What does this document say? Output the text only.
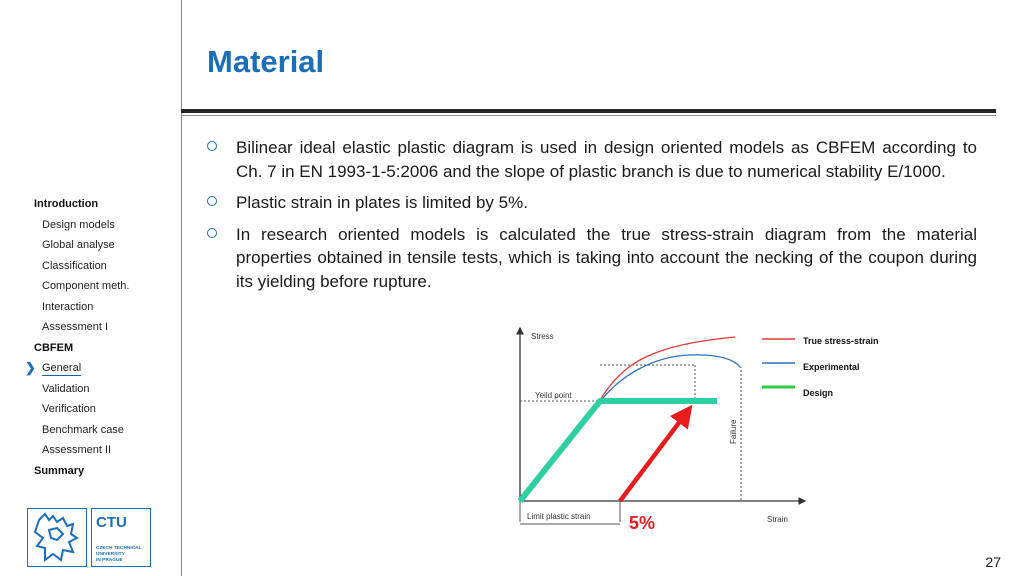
Introduction
Design models
Global analyse
Classification
Component meth.
Interaction
Assessment I
CBFEM
❯ General
Validation
Verification
Benchmark case
Assessment II
Summary
CTU
CZECH TECHNICAL
UNIVERSITY
IN PRAGUE
Material
Bilinear ideal elastic plastic diagram is used in design oriented models as CBFEM according to Ch. 7 in EN 1993-1-5:2006 and the slope of plastic branch is due to numerical stability E/1000.
Plastic strain in plates is limited by 5%.
In research oriented models is calculated the true stress-strain diagram from the material properties obtained in tensile tests, which is taking into account the necking of the coupon during its yielding before rupture.
Stress
Strain
Yeild point
Failure
Limit plastic strain 5%
True stress-strain
Experimental
Design
27
